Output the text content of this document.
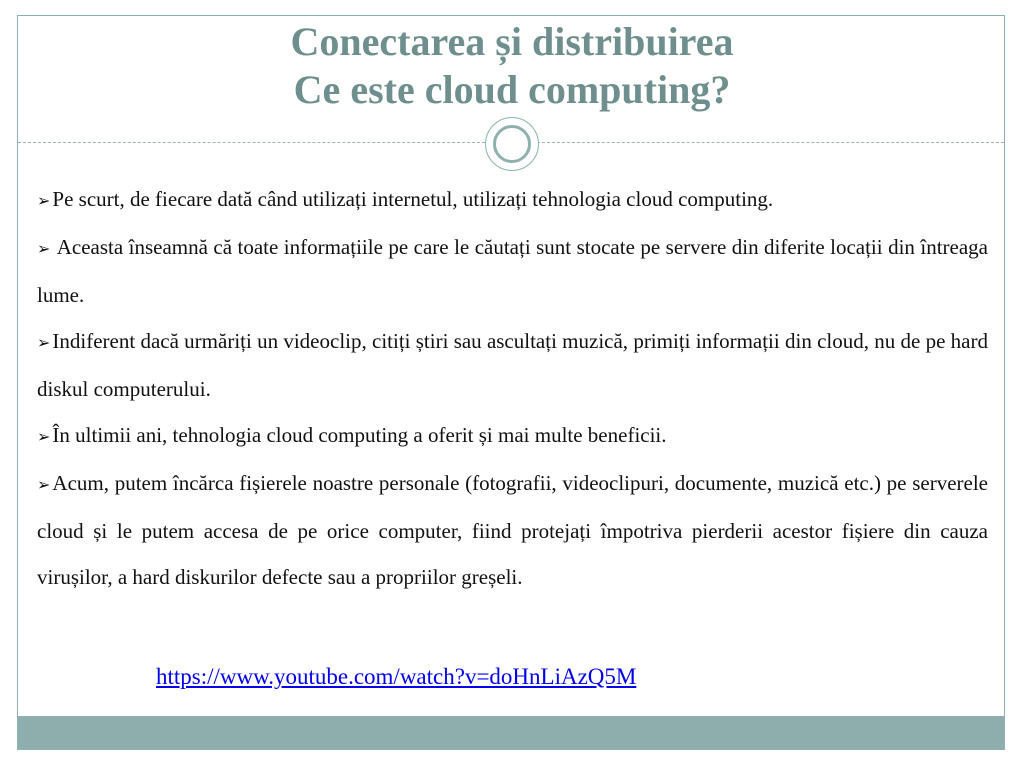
Conectarea și distribuirea
Ce este cloud computing?

➢Pe scurt, de fiecare dată când utilizați internetul, utilizați tehnologia cloud computing.

➢ Aceasta înseamnă că toate informațiile pe care le căutați sunt stocate pe servere din diferite locații din întreaga lume.

➢Indiferent dacă urmăriți un videoclip, citiți știri sau ascultați muzică, primiți informații din cloud, nu de pe hard diskul computerului.

➢În ultimii ani, tehnologia cloud computing a oferit și mai multe beneficii.

➢Acum, putem încărca fișierele noastre personale (fotografii, videoclipuri, documente, muzică etc.) pe serverele cloud și le putem accesa de pe orice computer, fiind protejați împotriva pierderii acestor fișiere din cauza virușilor, a hard diskurilor defecte sau a propriilor greșeli.

https://www.youtube.com/watch?v=doHnLiAzQ5M
